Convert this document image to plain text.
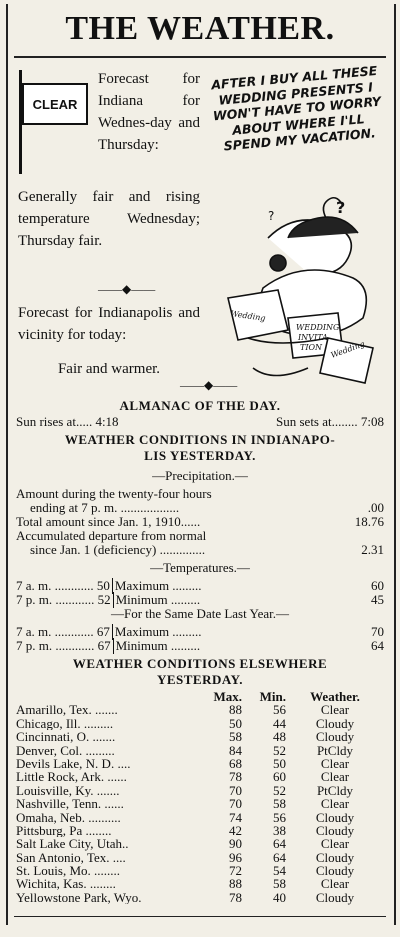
THE WEATHER.
CLEAR
Forecast for Indiana for Wednes-day and Thursday:
Generally fair and rising temperature Wednesday; Thursday fair.
——◆——
Forecast for Indianapolis and vicinity for today:
Fair and warmer.
Wedding
WEDDING
INVITA
TION Wedding
?
?
AFTER I BUY ALL THESE WEDDING PRESENTS I WON'T HAVE TO WORRY ABOUT WHERE I'LL SPEND MY VACATION.
——◆——
ALMANAC OF THE DAY.
Sun rises at..... 4:18	Sun sets at........ 7:08
WEATHER CONDITIONS IN INDIANAPO-
LIS YESTERDAY.
—Precipitation.—
Amount during the twenty-four hours
ending at 7 p. m. ..................	.00
Total amount since Jan. 1, 1910......	18.76
Accumulated departure from normal
since Jan. 1 (deficiency) ..............	2.31
—Temperatures.—
7 a. m. ............ 50 Maximum .........	60
7 p. m. ............ 52 Minimum .........	45
—For the Same Date Last Year.—
7 a. m. ............ 67 Maximum .........	70
7 p. m. ............ 67 Minimum .........	64
WEATHER CONDITIONS ELSEWHERE
YESTERDAY.
Max.	Min.	Weather.
Amarillo, Tex. .......	88	56	Clear
Chicago, Ill. .........	50	44	Cloudy
Cincinnati, O. .......	58	48	Cloudy
Denver, Col. .........	84	52	PtCldy
Devils Lake, N. D. ....	68	50	Clear
Little Rock, Ark. ......	78	60	Clear
Louisville, Ky. .......	70	52	PtCldy
Nashville, Tenn. ......	70	58	Clear
Omaha, Neb. ..........	74	56	Cloudy
Pittsburg, Pa ........	42	38	Cloudy
Salt Lake City, Utah..	90	64	Clear
San Antonio, Tex. ....	96	64	Cloudy
St. Louis, Mo. ........	72	54	Cloudy
Wichita, Kas. ........	88	58	Clear
Yellowstone Park, Wyo.	78	40	Cloudy
